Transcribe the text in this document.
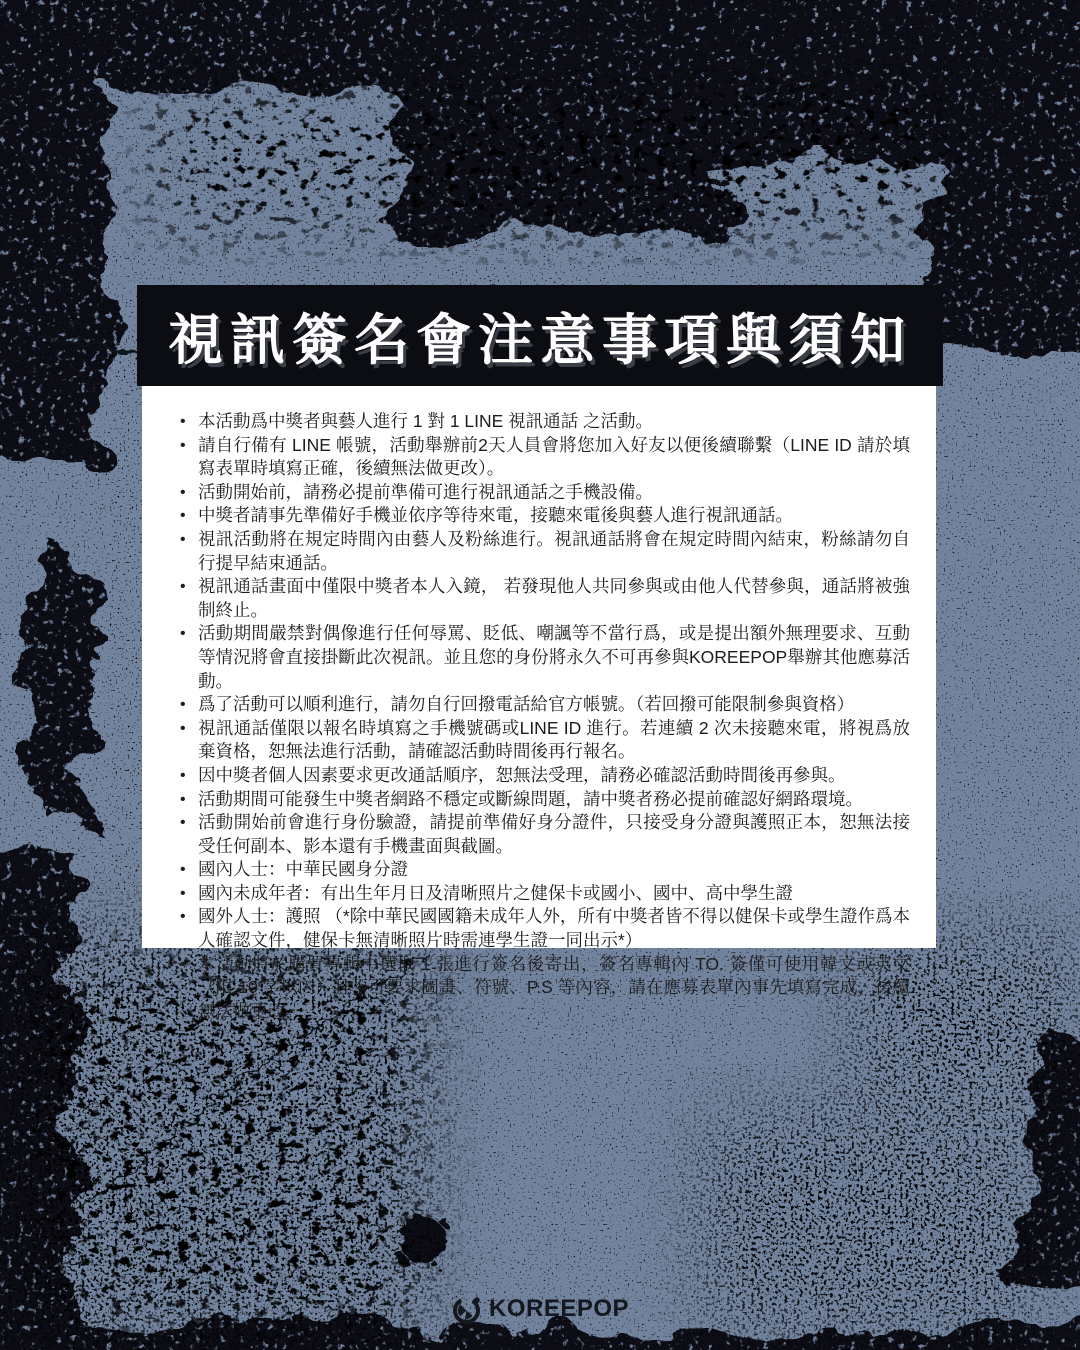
視訊簽名會注意事項與須知
• 本活動爲中獎者與藝人進行 1 對 1 LINE 視訊通話 之活動。
• 請自行備有 LINE 帳號，活動舉辦前2天人員會將您加入好友以便後續聯繫（LINE ID 請於填寫表單時填寫正確，後續無法做更改）。
• 活動開始前，請務必提前準備可進行視訊通話之手機設備。
• 中獎者請事先準備好手機並依序等待來電，接聽來電後與藝人進行視訊通話。
• 視訊活動將在規定時間內由藝人及粉絲進行。視訊通話將會在規定時間內結束，粉絲請勿自行提早結束通話。
• 視訊通話畫面中僅限中獎者本人入鏡， 若發現他人共同參與或由他人代替參與，通話將被強制終止。
• 活動期間嚴禁對偶像進行任何辱罵、貶低、嘲諷等不當行爲，或是提出額外無理要求、互動等情況將會直接掛斷此次視訊。並且您的身份將永久不可再參與KOREEPOP舉辦其他應募活動。
• 爲了活動可以順利進行，請勿自行回撥電話給官方帳號。（若回撥可能限制參與資格）
• 視訊通話僅限以報名時填寫之手機號碼或LINE ID 進行。若連續 2 次未接聽來電，將視爲放棄資格，恕無法進行活動，請確認活動時間後再行報名。
• 因中獎者個人因素要求更改通話順序，恕無法受理，請務必確認活動時間後再參與。
• 活動期間可能發生中獎者網路不穩定或斷線問題，請中獎者務必提前確認好網路環境。
• 活動開始前會進行身份驗證，請提前準備好身分證件，只接受身分證與護照正本，恕無法接受任何副本、影本還有手機畫面與截圖。
• 國內人士：中華民國身分證
• 國內未成年者：有出生年月日及清晰照片之健保卡或國小、國中、高中學生證
• 國外人士：護照 （*除中華民國國籍未成年人外，所有中獎者皆不得以健保卡或學生證作爲本人確認文件，健保卡無清晰照片時需連學生證一同出示*）
• 本活動將於購買專輯中選取 1 張進行簽名後寄出，簽名專輯內 TO. 簽僅可使用韓文或英文（限 10 字以內）且不可要求圖畫、符號、P.S 等內容，請在應募表單內事先填寫完成，後續無法做更改。
KOREEPOP
